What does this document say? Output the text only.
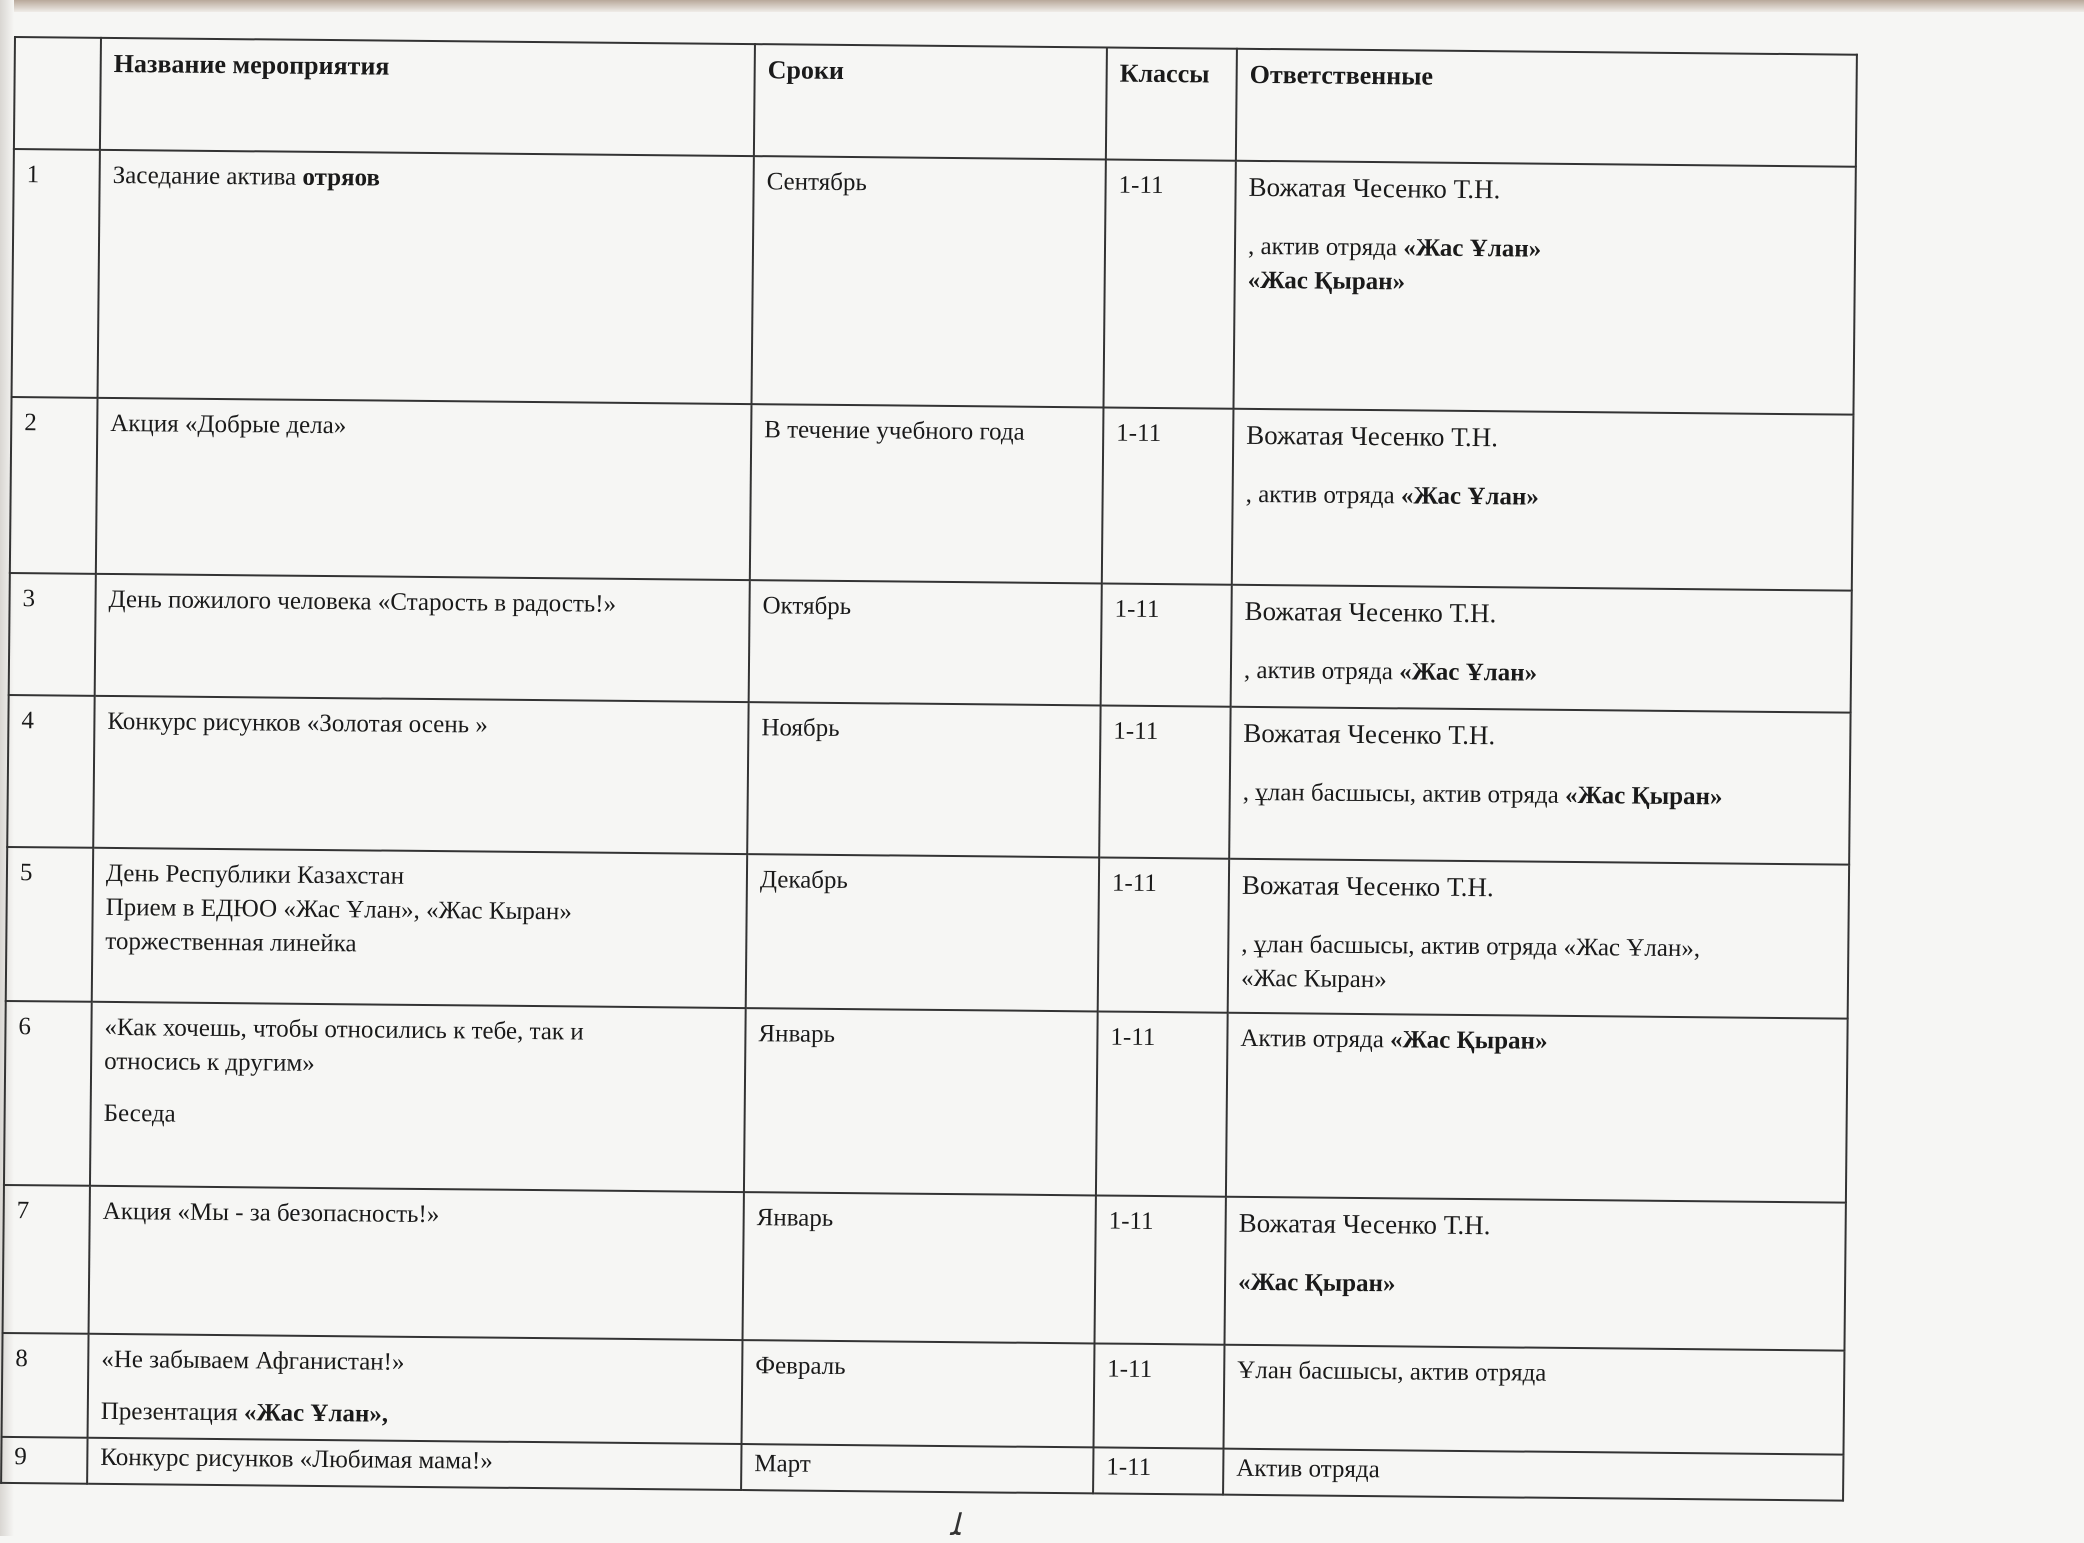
	Название мероприятия	Сроки	Классы	Ответственные
1	Заседание актива отряов	Сентябрь	1-11	Вожатая Чесенко Т.Н.
, актив отряда «Жас Ұлан»
«Жас Қыран»

2	Акция «Добрые дела»	В течение учебного года	1-11	Вожатая Чесенко Т.Н.
, актив отряда «Жас Ұлан»

3	День пожилого человека «Старость в радость!»	Октябрь	1-11	Вожатая Чесенко Т.Н.
, актив отряда «Жас Ұлан»

4	Конкурс рисунков «Золотая осень »	Ноябрь	1-11	Вожатая Чесенко Т.Н.
, ұлан басшысы, актив отряда «Жас Қыран»

5	День Республики Казахстан
Прием в ЕДЮО «Жас Ұлан», «Жас Кыран»
торжественная линейка	Декабрь	1-11	Вожатая Чесенко Т.Н.
, ұлан басшысы, актив отряда «Жас Ұлан»,
«Жас Кыран»

6	«Как хочешь, чтобы относились к тебе, так и
относись к другим»
Беседа	Январь	1-11	Актив отряда «Жас Қыран»
7	Акция «Мы - за безопасность!»	Январь	1-11	Вожатая Чесенко Т.Н.
«Жас Қыран»

8	«Не забываем Афганистан!»
Презентация «Жас Ұлан»,	Февраль	1-11	Ұлан басшысы, актив отряда
9	Конкурс рисунков «Любимая мама!»	Март	1-11	Актив отряда
ﻠ
